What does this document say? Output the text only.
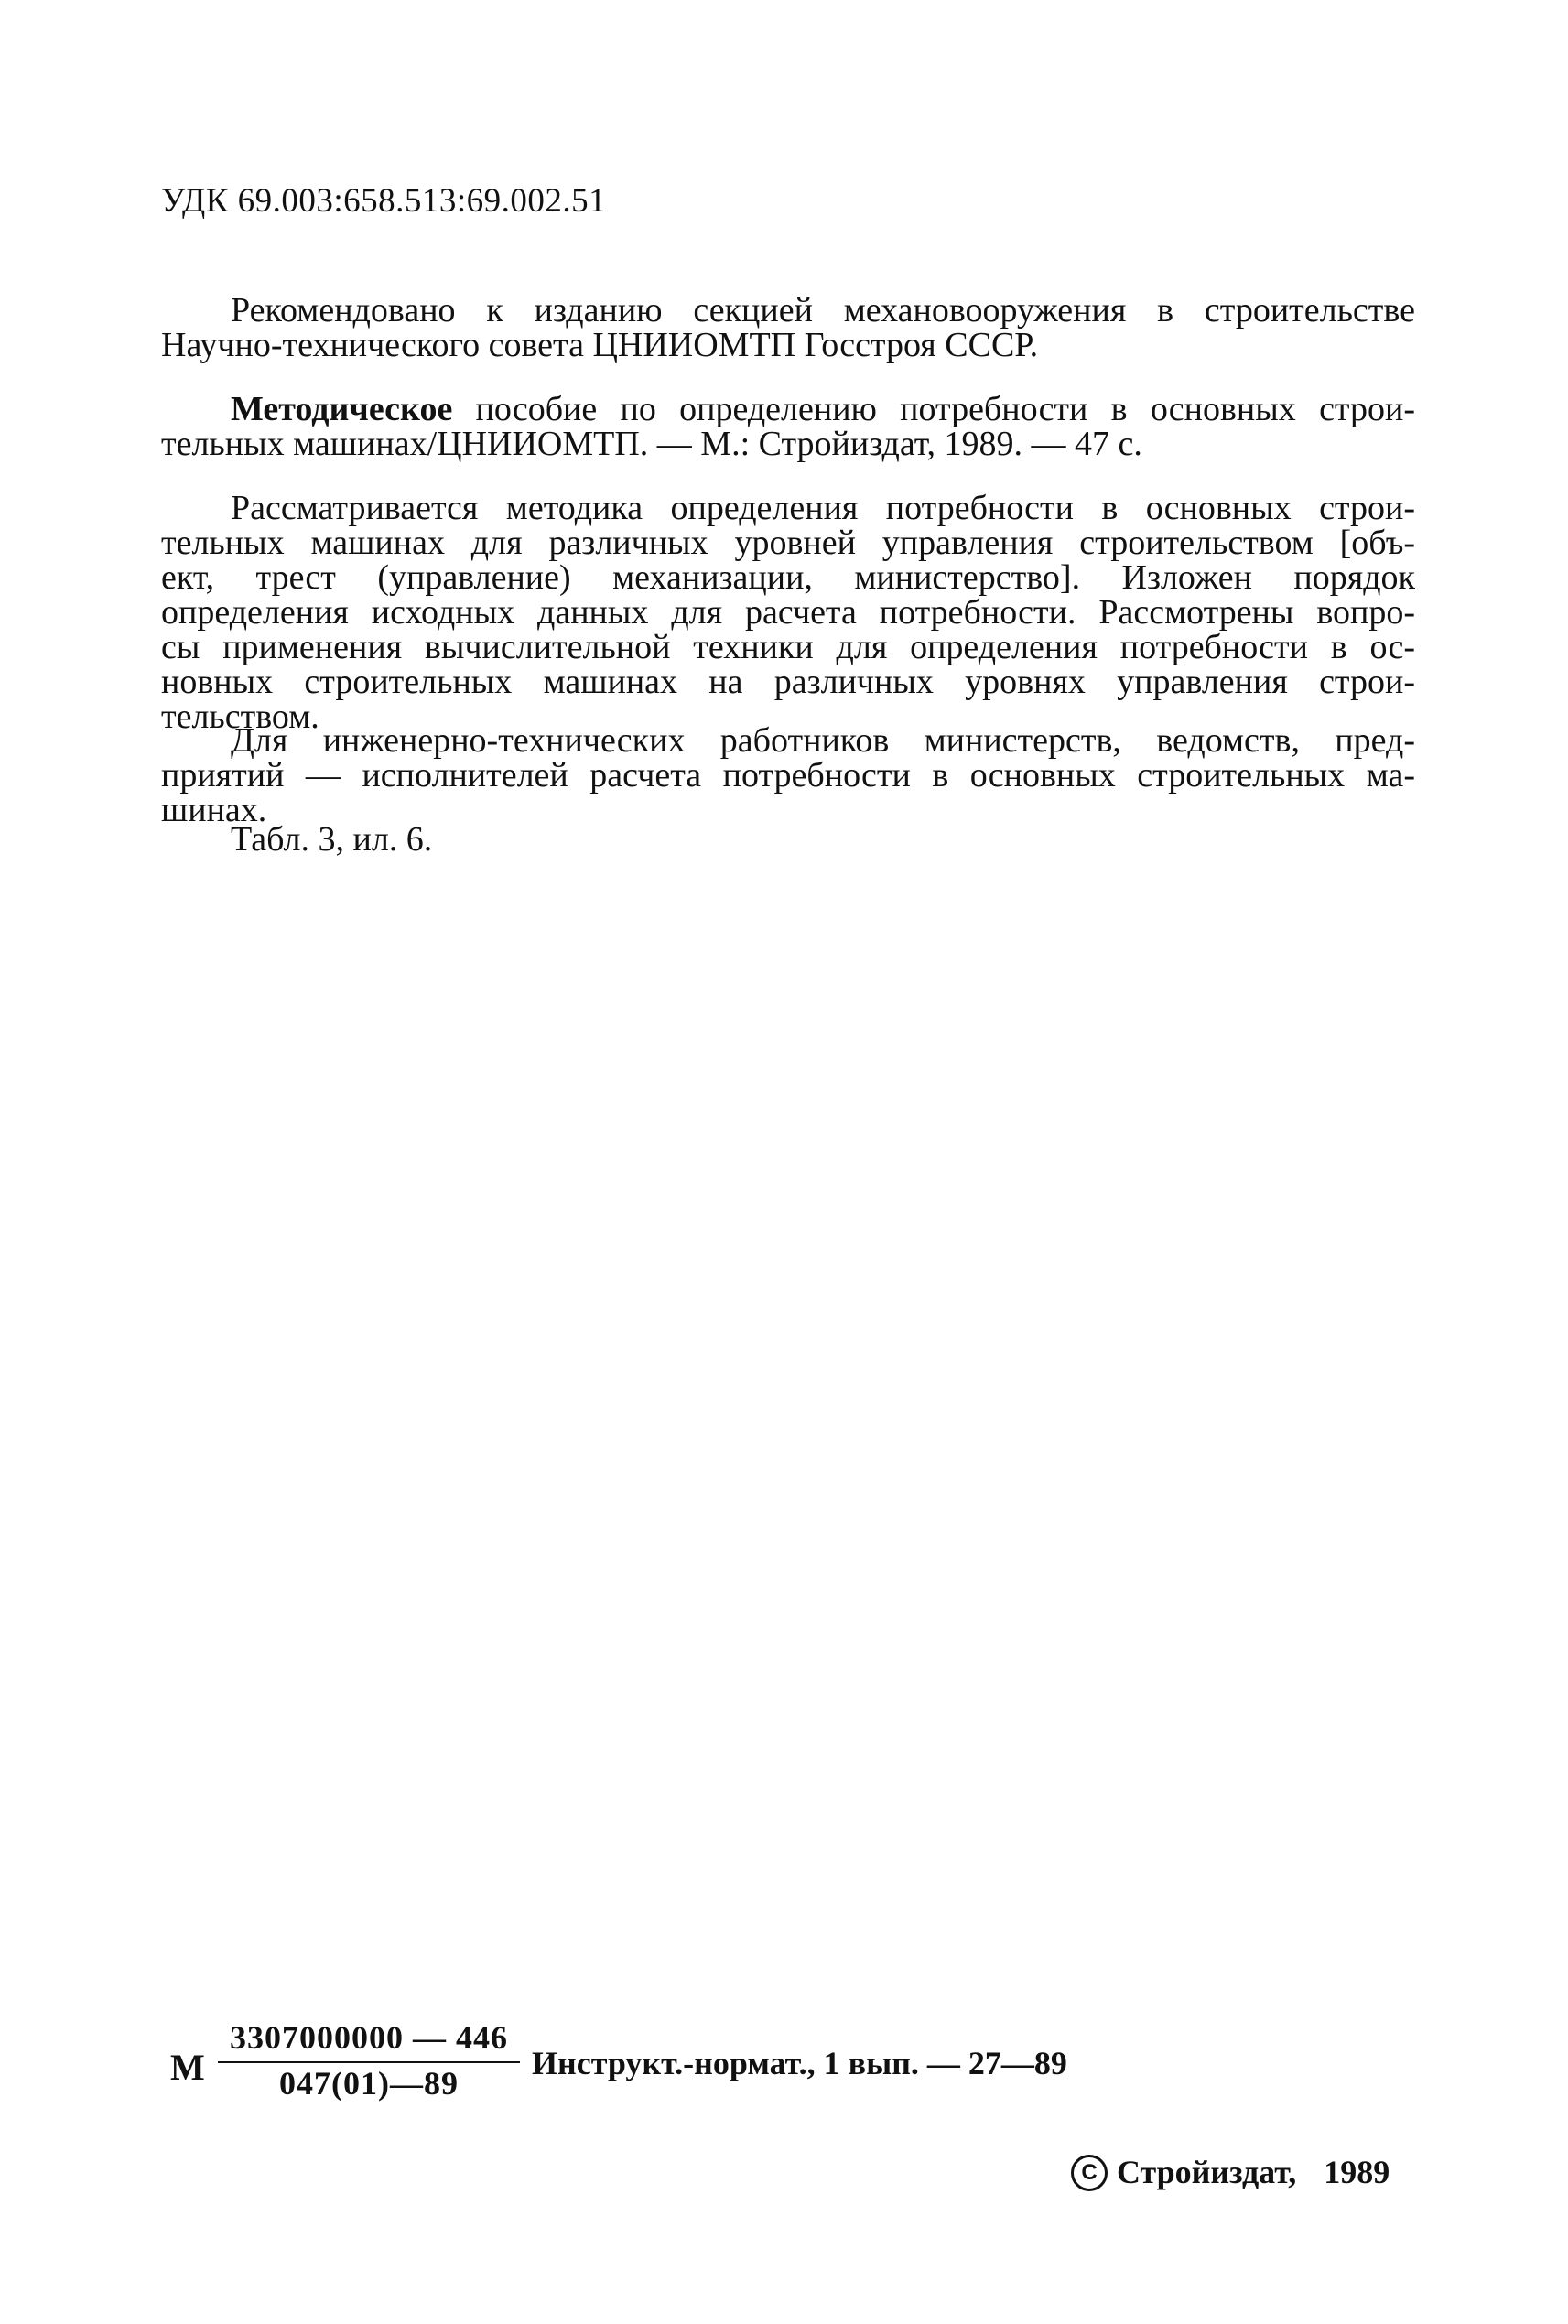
УДК 69.003:658.513:69.002.51
Рекомендовано к изданию секцией механовооружения в строительстве
Научно-технического совета ЦНИИОМТП Госстроя СССР.
Методическое пособие по определению потребности в основных строи-
тельных машинах/ЦНИИОМТП. — М.: Стройиздат, 1989. — 47 с.
Рассматривается методика определения потребности в основных строи-
тельных машинах для различных уровней управления строительством [объ-
ект, трест (управление) механизации, министерство]. Изложен порядок
определения исходных данных для расчета потребности. Рассмотрены вопро-
сы применения вычислительной техники для определения потребности в ос-
новных строительных машинах на различных уровнях управления строи-
тельством.
Для инженерно-технических работников министерств, ведомств, пред-
приятий — исполнителей расчета потребности в основных строительных ма-
шинах.
Табл. 3, ил. 6.
М
3307000000 — 446
047(01)—89
Инструкт.-нормат., 1 вып. — 27—89
C Стройиздат, 1989
